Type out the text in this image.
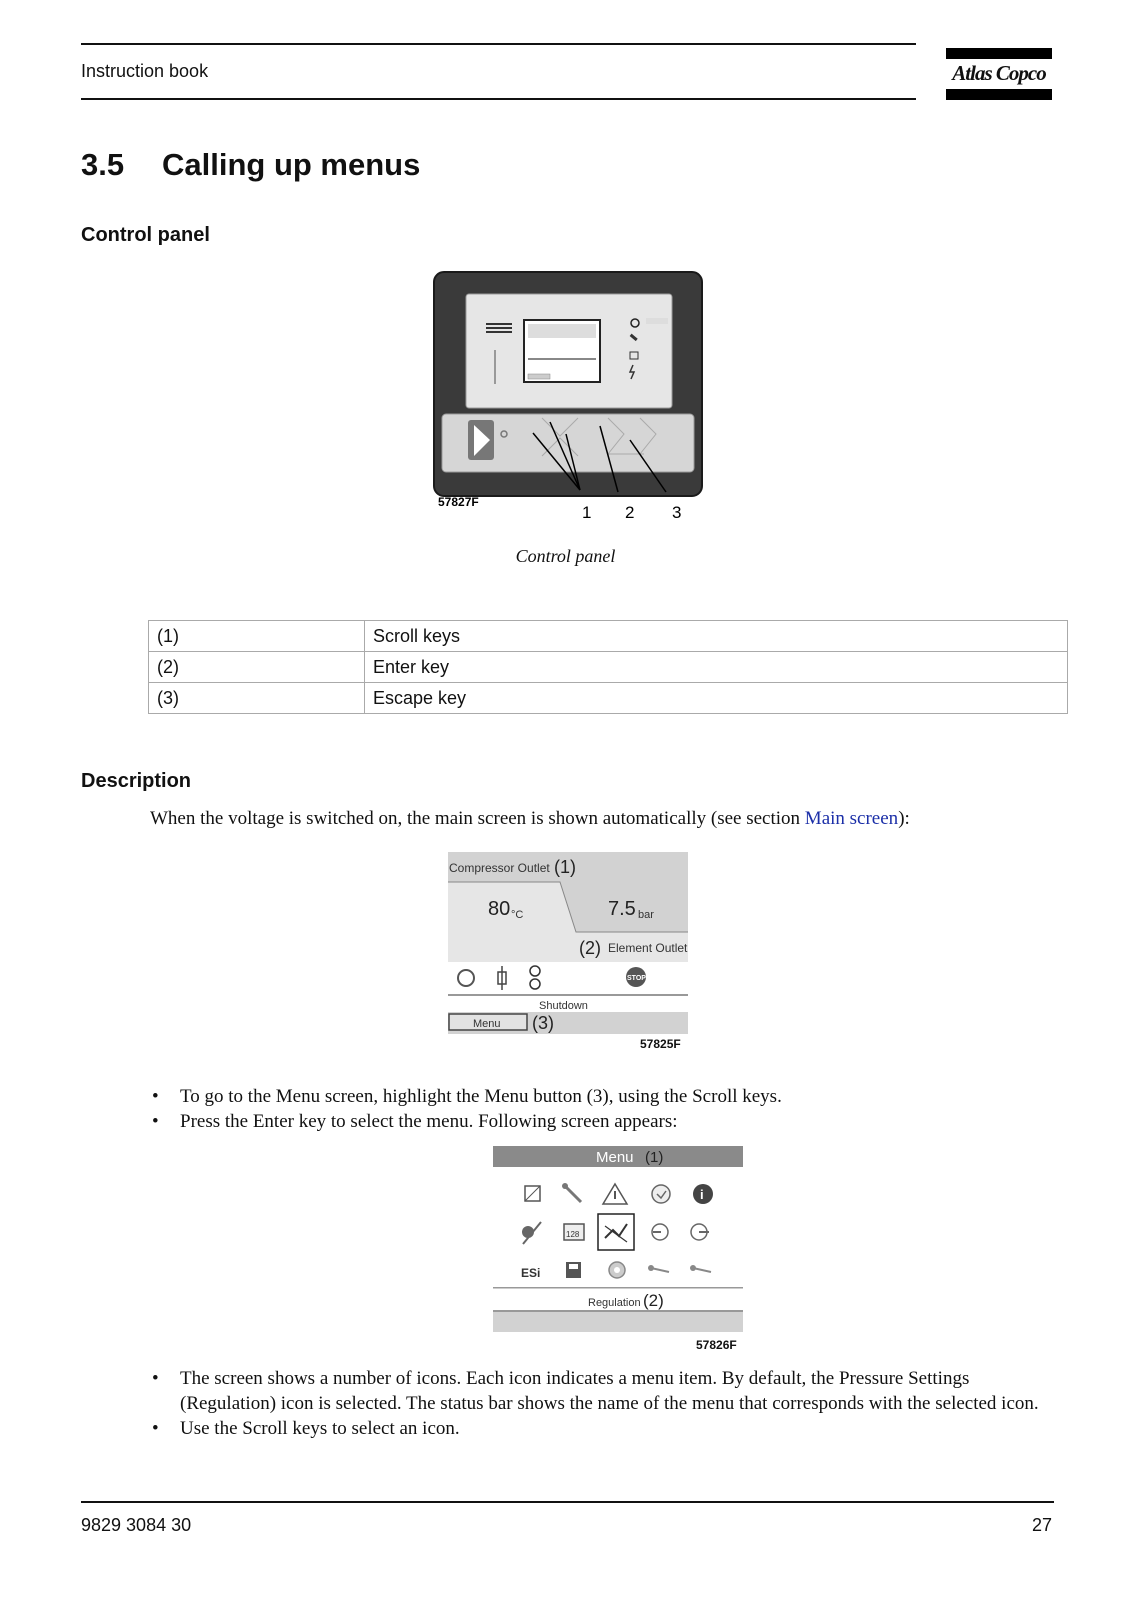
Instruction book	Atlas Copco
3.5 Calling up menus
Control panel
57827F
1 2 3
Control panel
(1)	Scroll keys
(2)	Enter key
(3)	Escape key
Description
When the voltage is switched on, the main screen is shown automatically (see section Main screen):
Compressor Outlet (1)
80 °C	7.5 bar
(2) Element Outlet
STOP
Shutdown
Menu (3)
57825F
• To go to the Menu screen, highlight the Menu button (3), using the Scroll keys.
• Press the Enter key to select the menu. Following screen appears:
Menu (1)
i
128
ESi
Regulation (2)
57826F
• The screen shows a number of icons. Each icon indicates a menu item. By default, the Pressure Settings (Regulation) icon is selected. The status bar shows the name of the menu that corresponds with the selected icon.
• Use the Scroll keys to select an icon.
9829 3084 30	27
